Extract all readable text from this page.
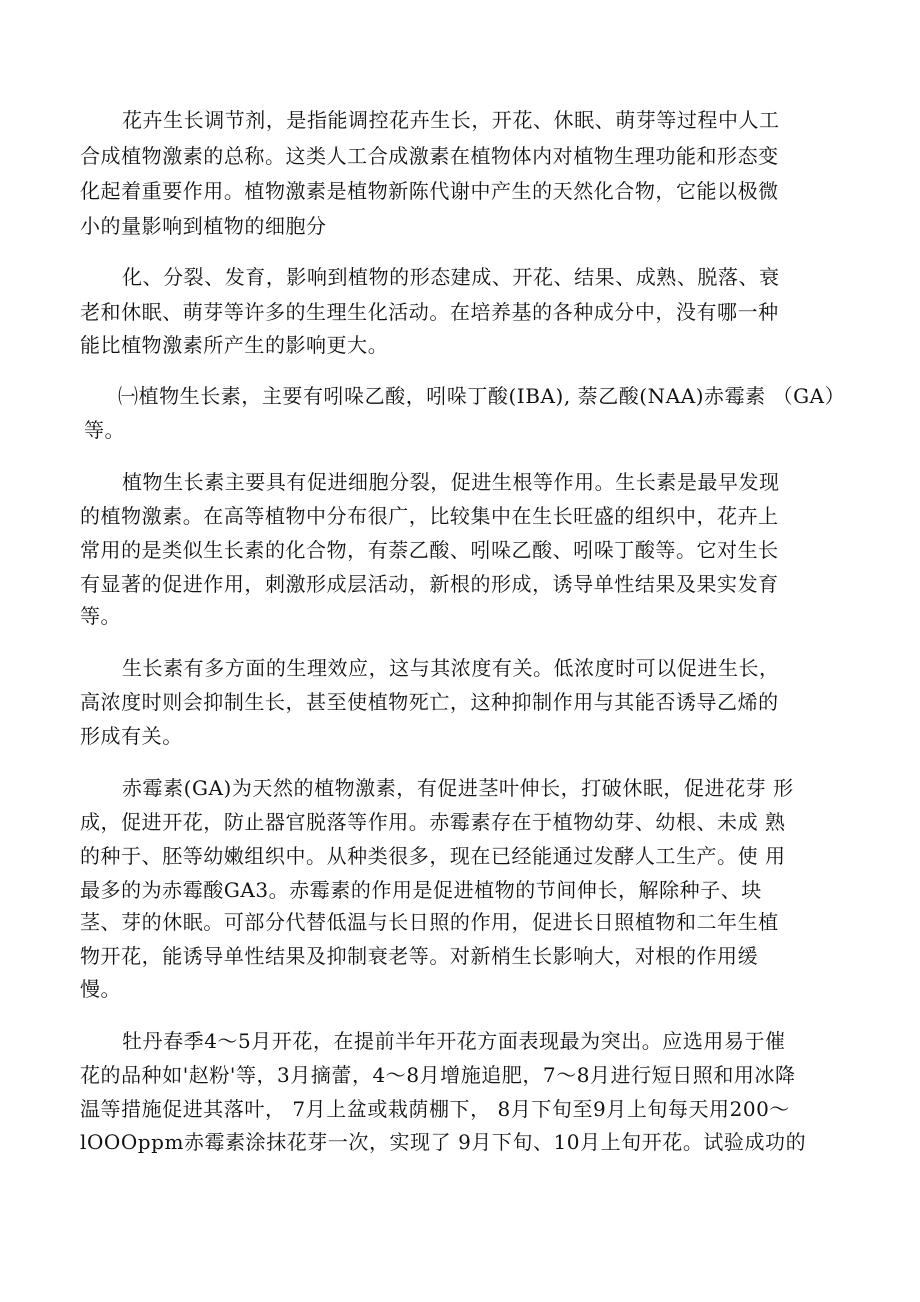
花卉生长调节剂，是指能调控花卉生长，开花、休眠、萌芽等过程中人工

合成植物激素的总称。这类人工合成激素在植物体内对植物生理功能和形态变

化起着重要作用。植物激素是植物新陈代谢中产生的天然化合物，它能以极微

小的量影响到植物的细胞分

化、分裂、发育，影响到植物的形态建成、开花、结果、成熟、脱落、衰

老和休眠、萌芽等许多的生理生化活动。在培养基的各种成分中，没有哪一种

能比植物激素所产生的影响更大。

㈠植物生长素，主要有吲哚乙酸，吲哚丁酸(IBA), 萘乙酸(NAA)赤霉素 （GA）

等。

植物生长素主要具有促进细胞分裂，促进生根等作用。生长素是最早发现

的植物激素。在高等植物中分布很广，比较集中在生长旺盛的组织中，花卉上

常用的是类似生长素的化合物，有萘乙酸、吲哚乙酸、吲哚丁酸等。它对生长

有显著的促进作用，刺激形成层活动，新根的形成，诱导单性结果及果实发育

等。

生长素有多方面的生理效应，这与其浓度有关。低浓度时可以促进生长，

高浓度时则会抑制生长，甚至使植物死亡，这种抑制作用与其能否诱导乙烯的

形成有关。

赤霉素(GA)为天然的植物激素，有促进茎叶伸长，打破休眠，促进花芽 形

成，促进开花，防止器官脱落等作用。赤霉素存在于植物幼芽、幼根、未成 熟

的种于、胚等幼嫩组织中。从种类很多，现在已经能通过发酵人工生产。使 用

最多的为赤霉酸GA3。赤霉素的作用是促进植物的节间伸长，解除种子、块

茎、芽的休眠。可部分代替低温与长日照的作用，促进长日照植物和二年生植

物开花，能诱导单性结果及抑制衰老等。对新梢生长影响大，对根的作用缓

慢。

牡丹春季4～5月开花，在提前半年开花方面表现最为突出。应选用易于催

花的品种如'赵粉'等，3月摘蕾，4～8月增施追肥，7～8月进行短日照和用冰降

温等措施促进其落叶， 7月上盆或栽荫棚下， 8月下旬至9月上旬每天用200～

lOOOppm赤霉素涂抹花芽一次，实现了 9月下旬、10月上旬开花。试验成功的
